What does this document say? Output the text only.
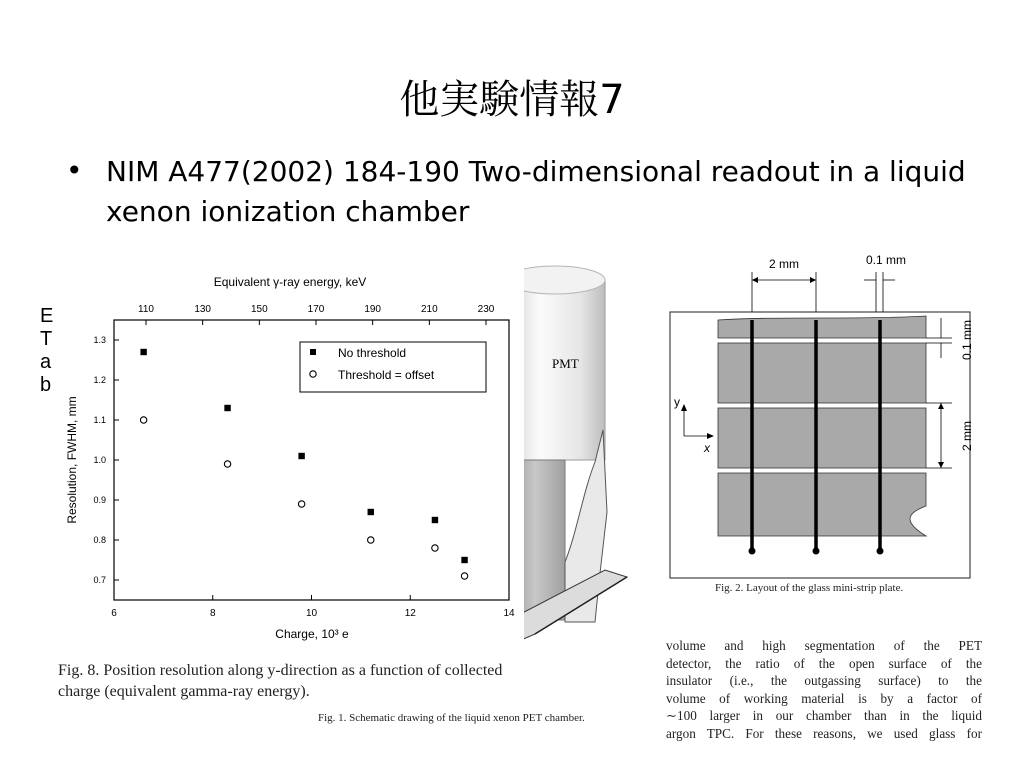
他実験情報7
• NIM A477(2002) 184-190 Two-dimensional readout in a liquid xenon ionization chamber
E
T
a
b
PMT
Equivalent γ-ray energy, keV
110	130	150	170	190	210	230
6	8	10	12	14
0.7
0.8
0.9
1.0
1.1
1.2
1.3
No threshold
Threshold = offset
Charge, 10³ e
Resolution, FWHM, mm
Fig. 8. Position resolution along y-direction as a function of collected charge (equivalent gamma-ray energy).
Fig. 1. Schematic drawing of the liquid xenon PET chamber.
2 mm	0.1 mm
0.1 mm
2 mm
y
x
Fig. 2. Layout of the glass mini-strip plate.
volume and high segmentation of the PET
detector, the ratio of the open surface of the
insulator (i.e., the outgassing surface) to the
volume of working material is by a factor of
∼100 larger in our chamber than in the liquid
argon TPC. For these reasons, we used glass for
